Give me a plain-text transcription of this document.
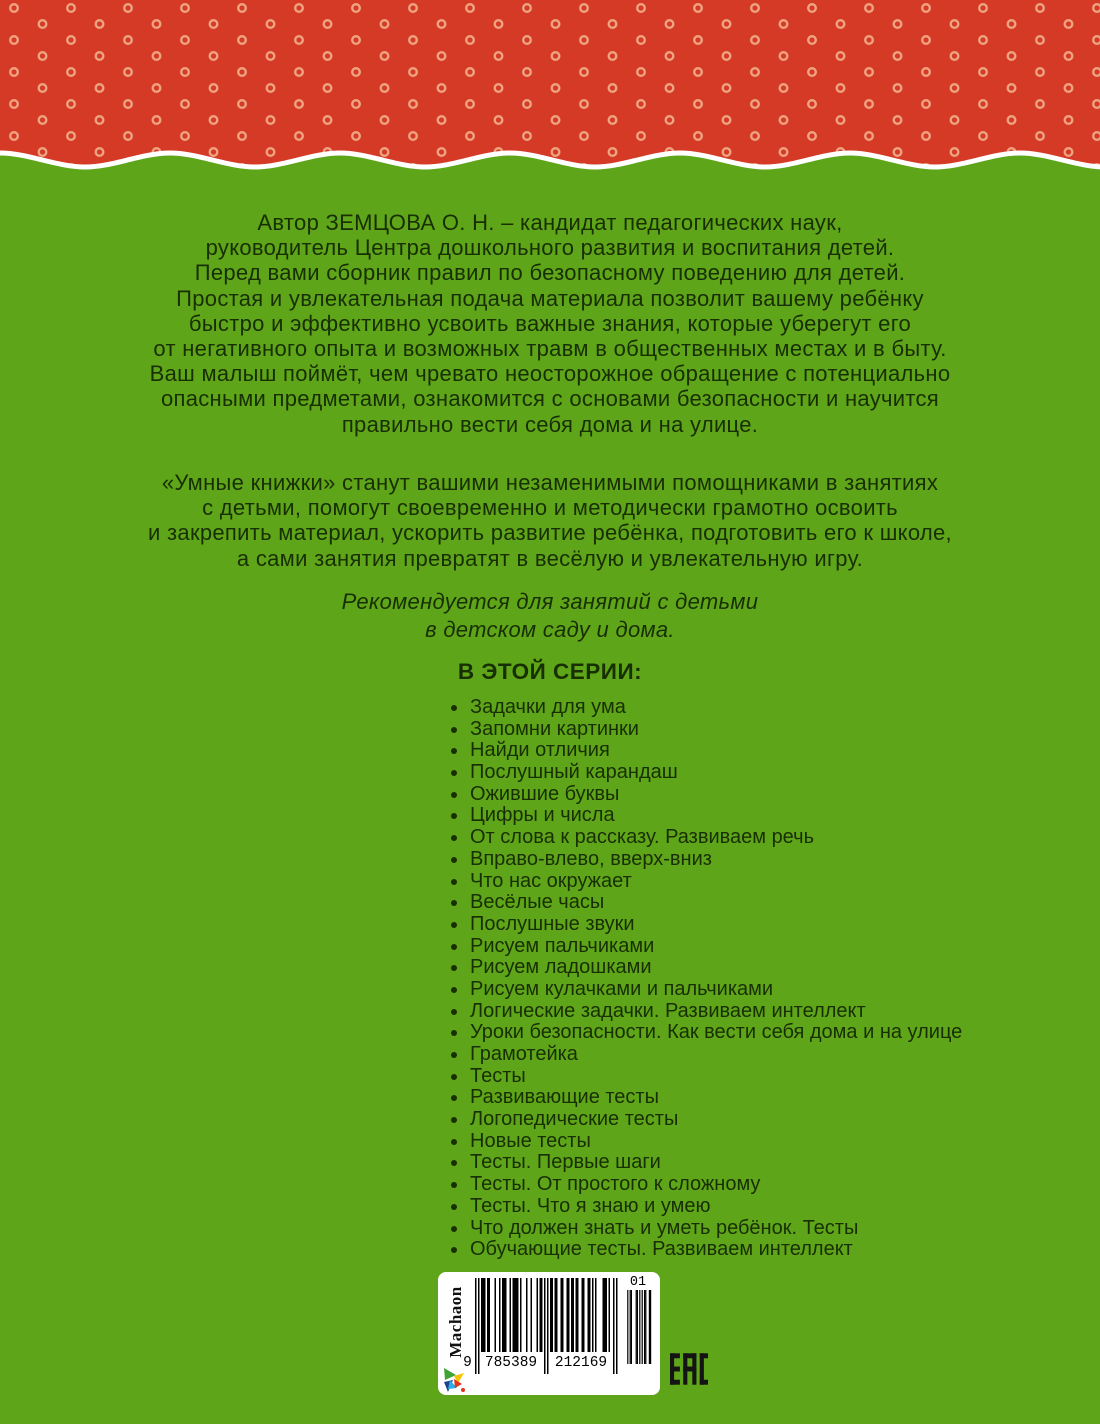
Автор ЗЕМЦОВА О. Н. – кандидат педагогических наук,
руководитель Центра дошкольного развития и воспитания детей.
Перед вами сборник правил по безопасному поведению для детей.
Простая и увлекательная подача материала позволит вашему ребёнку
быстро и эффективно усвоить важные знания, которые уберегут его
от негативного опыта и возможных травм в общественных местах и в быту.
Ваш малыш поймёт, чем чревато неосторожное обращение с потенциально
опасными предметами, ознакомится с основами безопасности и научится
правильно вести себя дома и на улице.
«Умные книжки» станут вашими незаменимыми помощниками в занятиях
с детьми, помогут своевременно и методически грамотно освоить
и закрепить материал, ускорить развитие ребёнка, подготовить его к школе,
а сами занятия превратят в весёлую и увлекательную игру.
Рекомендуется для занятий с детьми
в детском саду и дома.
В ЭТОЙ СЕРИИ:
Задачки для ума
Запомни картинки
Найди отличия
Послушный карандаш
Ожившие буквы
Цифры и числа
От слова к рассказу. Развиваем речь
Вправо-влево, вверх-вниз
Что нас окружает
Весёлые часы
Послушные звуки
Рисуем пальчиками
Рисуем ладошками
Рисуем кулачками и пальчиками
Логические задачки. Развиваем интеллект
Уроки безопасности. Как вести себя дома и на улице
Грамотейка
Тесты
Развивающие тесты
Логопедические тесты
Новые тесты
Тесты. Первые шаги
Тесты. От простого к сложному
Тесты. Что я знаю и умею
Что должен знать и уметь ребёнок. Тесты
Обучающие тесты. Развиваем интеллект
Machaon
9 785389 212169
01
